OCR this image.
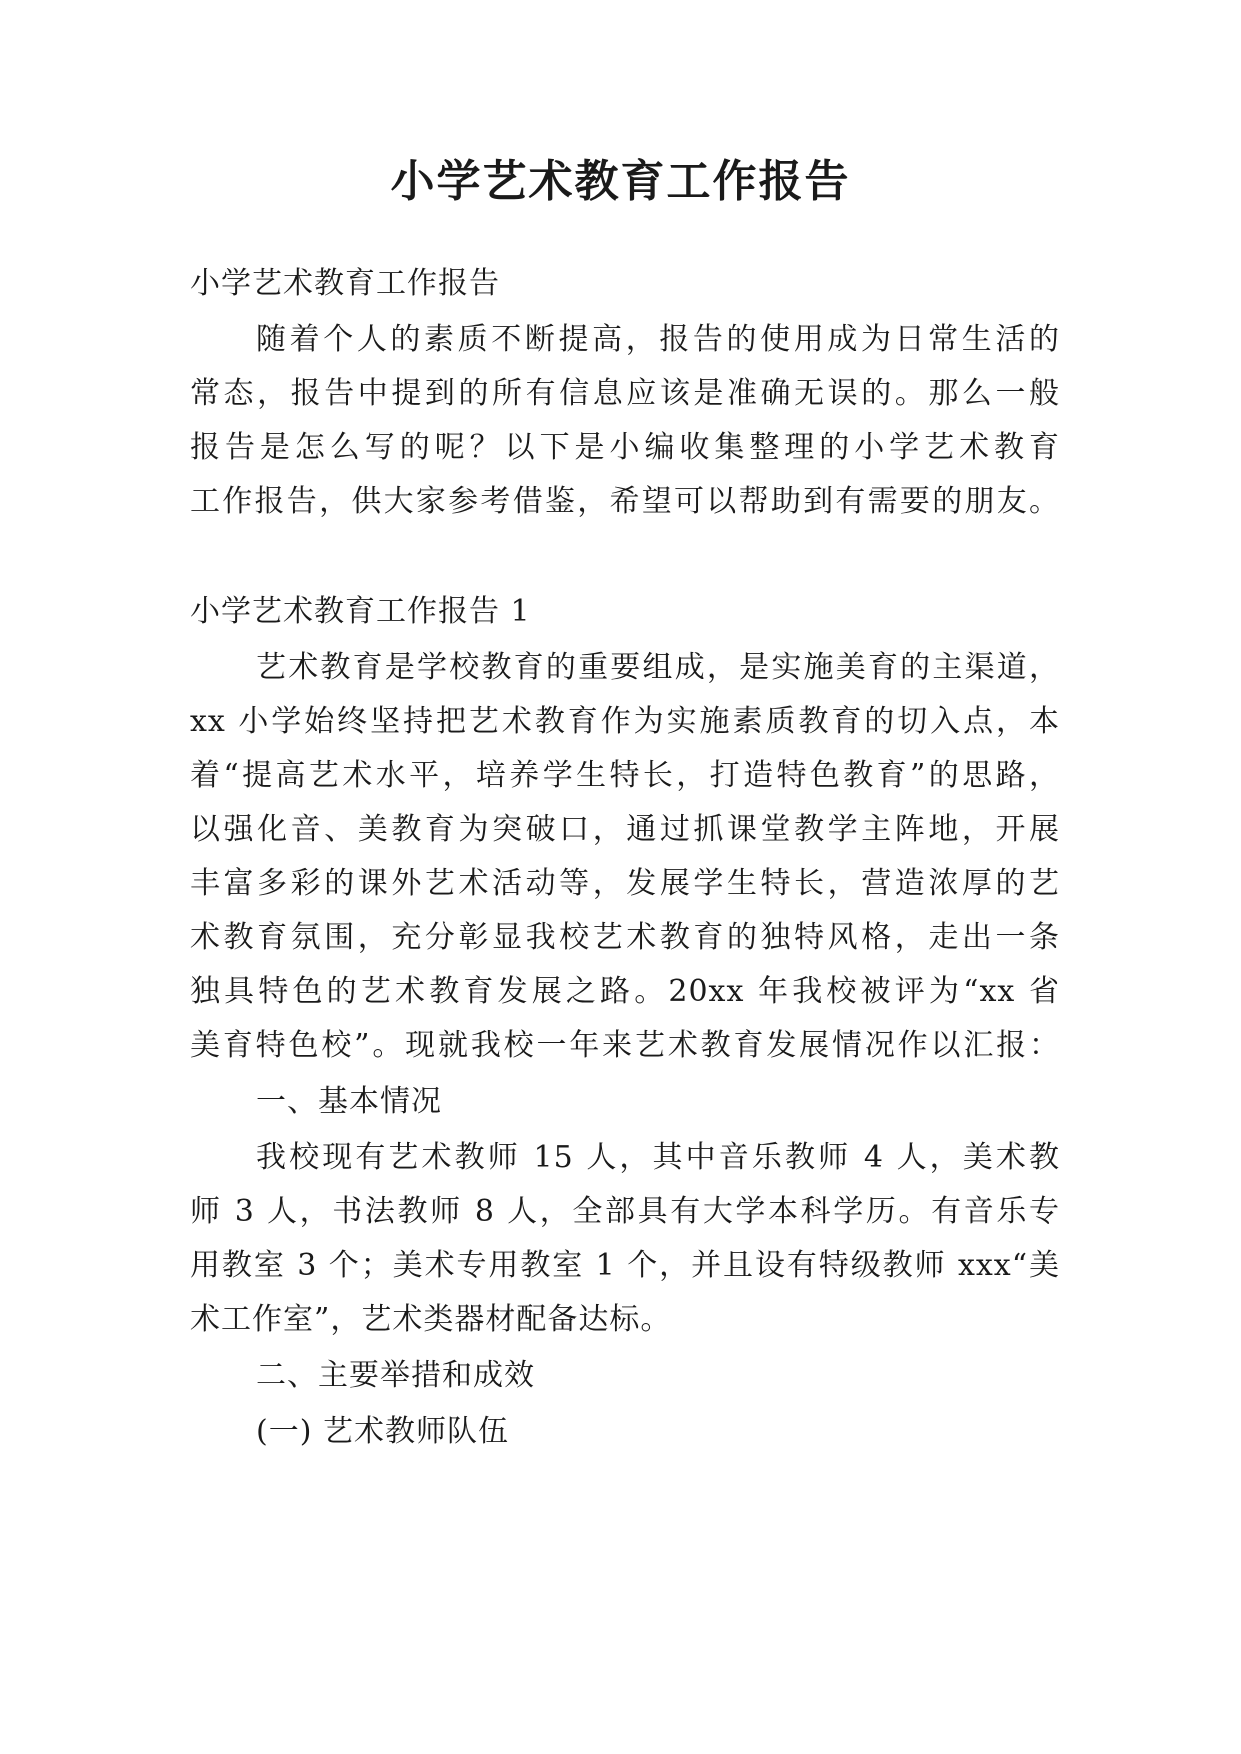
小学艺术教育工作报告
小学艺术教育工作报告
随着个人的素质不断提高，报告的使用成为日常生活的
常态，报告中提到的所有信息应该是准确无误的。那么一般
报告是怎么写的呢？以下是小编收集整理的小学艺术教育
工作报告，供大家参考借鉴，希望可以帮助到有需要的朋友。
小学艺术教育工作报告 1
艺术教育是学校教育的重要组成，是实施美育的主渠道，
xx 小学始终坚持把艺术教育作为实施素质教育的切入点，本
着“提高艺术水平，培养学生特长，打造特色教育”的思路，
以强化音、美教育为突破口，通过抓课堂教学主阵地，开展
丰富多彩的课外艺术活动等，发展学生特长，营造浓厚的艺
术教育氛围，充分彰显我校艺术教育的独特风格，走出一条
独具特色的艺术教育发展之路。20xx 年我校被评为“xx 省
美育特色校”。现就我校一年来艺术教育发展情况作以汇报：
一、基本情况
我校现有艺术教师 15 人，其中音乐教师 4 人，美术教
师 3 人，书法教师 8 人，全部具有大学本科学历。有音乐专
用教室 3 个；美术专用教室 1 个，并且设有特级教师 xxx“美
术工作室”，艺术类器材配备达标。
二、主要举措和成效
(一) 艺术教师队伍
